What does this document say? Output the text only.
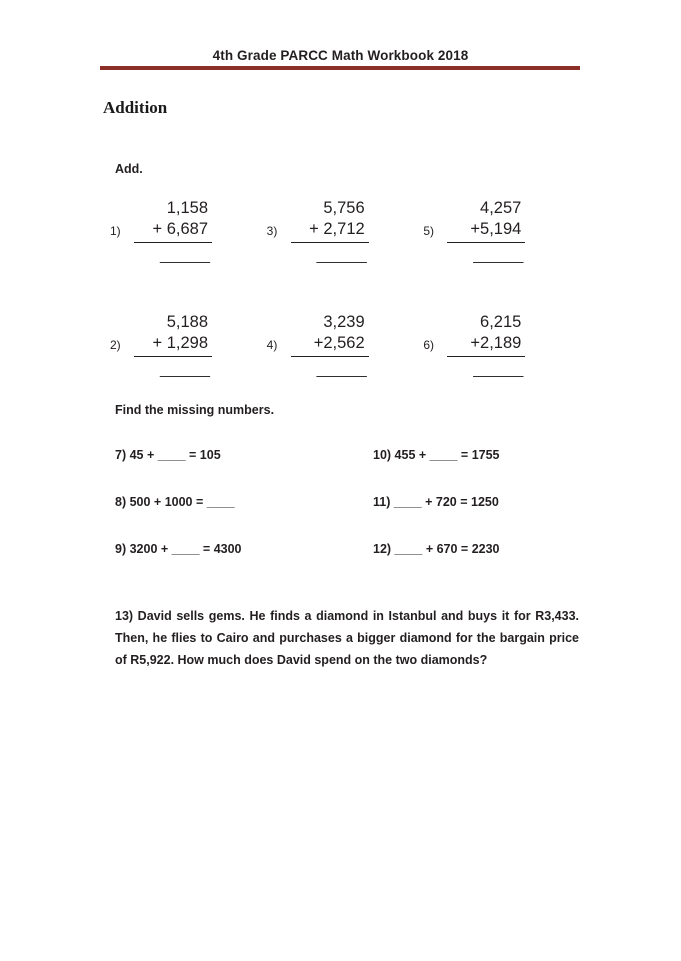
4th Grade PARCC Math Workbook 2018
Addition
Add.
1)
1,158
+ 6,687
______
3)
5,756
+ 2,712
______
5)
4,257
+5,194
______
2)
5,188
+ 1,298
______
4)
3,239
+2,562
______
6)
6,215
+2,189
______
Find the missing numbers.
7) 45 + ____ = 105	10) 455 + ____ = 1755
8) 500 + 1000 = ____	11) ____ + 720 = 1250
9) 3200 + ____ = 4300	12) ____ + 670 = 2230
13) David sells gems. He finds a diamond in Istanbul and buys it for R3,433. Then, he flies to Cairo and purchases a bigger diamond for the bargain price of R5,922. How much does David spend on the two diamonds?
